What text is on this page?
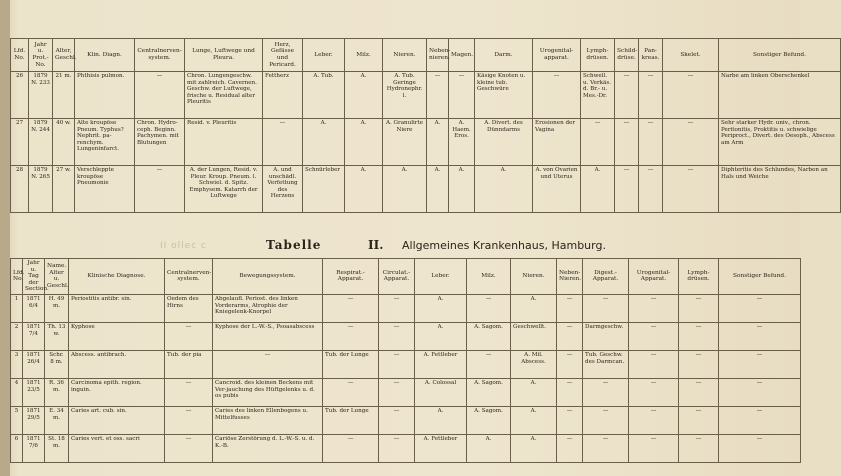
Lfd. No.	Jahr u. Prot.-No.	Alter, Geschl.	Klin. Diagn.	Centralnerven-system.	Lunge, Luftwege und Pleura.	Herz, Gefässe und Pericard.	Leber.	Milz.	Nieren.	Neben-nieren.	Magen.	Darm.	Urogenital-apparat.	Lymph-drüsen.	Schild-drüse.	Pan-kreas.	Skelet.	Sonstiger Befund.
26	1879 N. 233	21 m.	Phthisis pulmon.	—	Chron. Lungengeschw. mit zahlreich. Cavernen. Geschw. der Luftwege, frische u. Residual alter Pleuritis	Fettherz	A. Tub.	A.	A. Tub. Geringe Hydronephr. l.	—	—	Käsige Knoten u. kleine tub. Geschwüre	—	Schwell. u. Verkäs. d. Br.- u. Mes.-Dr.	—	—	—	Narbe am linken Oberschenkel
27	1879 N. 244	40 w.	Alte kroupöse Pneum. Typhus? Nephrit. pa-renchym. Lungeninfarct.	Chron. Hydro-ceph. Beginn. Pachymen. mit Blutungen	Resid. v. Pleuritis	—	A.	A.	A. Granulirte Niere	A.	A. Haem. Eros.	A. Divert. des Dünndarms	Erosionen der Vagina	—	—	—	—	Sehr starker Hydr. univ., chron. Peritonitis, Proktitis u. schwielige Periproct., Divert. des Oesoph., Abscess am Arm
28	1879 N. 265	27 w.	Verschleppte kroupöse Pneumonie	—	A. der Lungen, Resid. v. Pleur. Kroup. Pneum. l. Schwiel. d. Spitz. Emphysem. Katarrh der Luftwege	A. und unschädl. Verfettung des Herzens	Schnürleber	A.	A.	A.	A.	A.	A. von Ovarien und Uterus	A.	—	—	—	Diphteritis des Schlundes, Narben an Hals und Weiche
II ollec c	Tabelle	II. Allgemeines Krankenhaus, Hamburg.
Lfd. No.	Jahr u. Tag der Section.	Name. Alter u. Geschl.	Klinische Diagnose.	Centralnerven-system.	Bewegungssystem.	Respirat.-Apparat.	Circulat.-Apparat.	Leber.	Milz.	Nieren.	Neben-Nieren.	Digest.-Apparat.	Urogenital-Apparat.	Lymph-drüsen.	Sonstiger Befund.
1	1871 6/4	H. 49 m.	Periostitis antibr. sin.	Oedem des Hirns	Abgelaufl. Periost. des linken Vorderarms, Atrophie der Kniegelenk-Knorpel	—	—	A.	—	A.	—	—	—	—	—
2	1871 7/4	Th. 13 w.	Kyphose	—	Kyphose der L.-W.-S., Psoasabscess	—	—	A.	A. Sagom.	Geschwellt.	—	Darmgeschw.	—	—	—
3	1871 26/4	Schr. 8 m.	Abscess. antibrach.	Tub. der pia	—	Tub. der Lunge	—	A. Fettleber	—	A. Mil. Abscess.	—	Tub. Geschw. des Darmcan.	—	—	—
4	1871 23/5	R. 36 m.	Carcinoma epith. region. inguin.	—	Cancroid. des kleinen Beckens mit Ver-jauchung des Hüftgelenks u. d. os pubis	—	—	A. Colossal	A. Sagom.	A.	—	—	—	—	—
5	1871 29/5	E. 34 m.	Caries art. cub. sin.	—	Caries des linken Ellenbogens u. Mittelfusses	Tub. der Lunge	—	A.	A. Sagom.	A.	—	—	—	—	—
6	1871 7/6	St. 18 m.	Caries vert. et oss. sacri	—	Cariöse Zerstörung d. L.-W.-S. u. d. K.-B.	—	—	A. Fettleber	A.	A.	—	—	—	—	—
